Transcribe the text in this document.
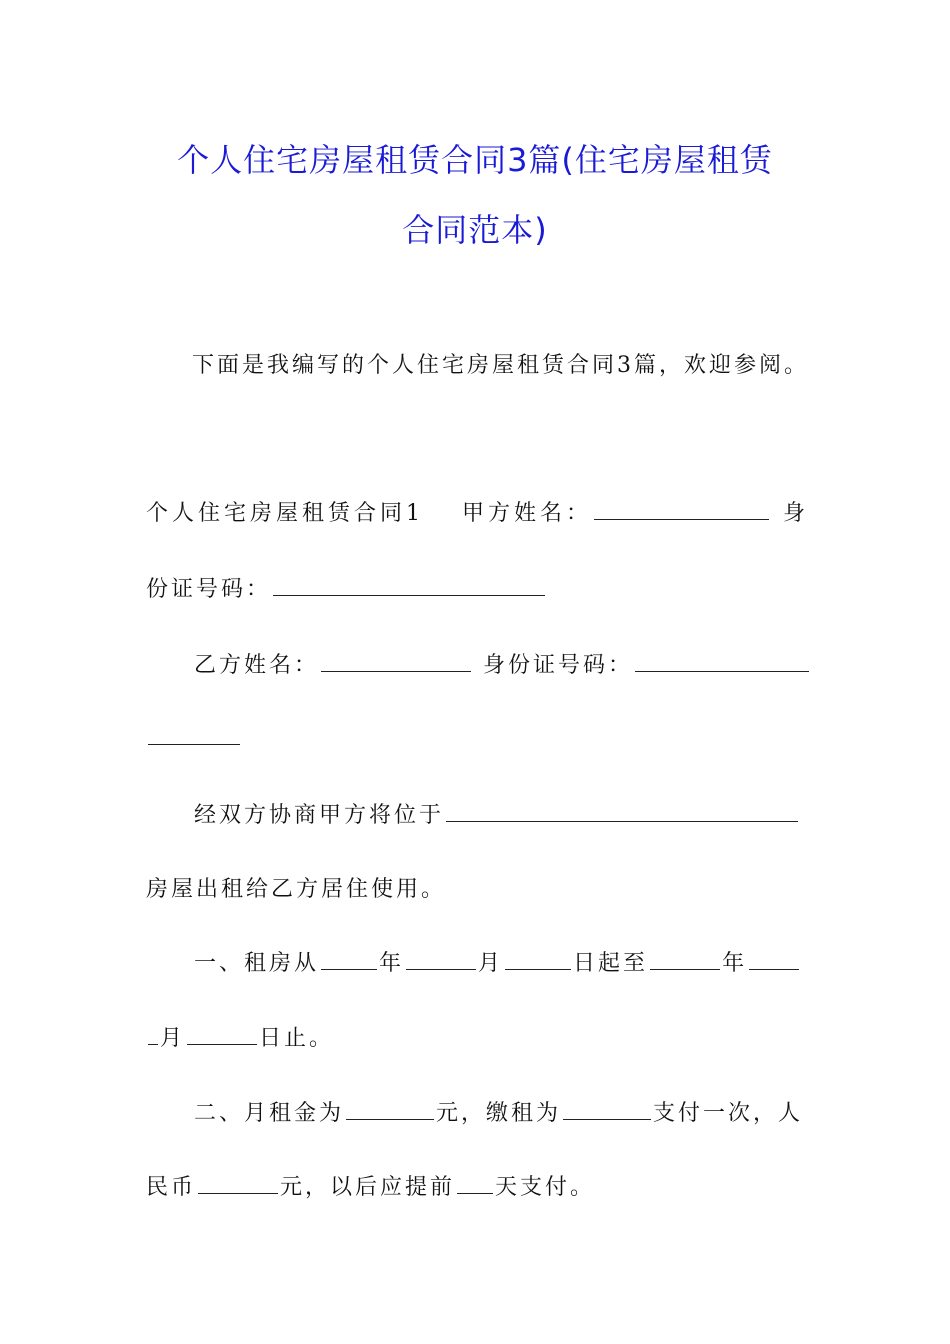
个人住宅房屋租赁合同3篇(住宅房屋租赁
合同范本)
下面是我编写的个人住宅房屋租赁合同3篇，欢迎参阅。
个人住宅房屋租赁合同1 甲方姓名：	身
份证号码：
乙方姓名：	身份证号码：
经双方协商甲方将位于
房屋出租给乙方居住使用。
一、租房从	年	月	日起至	年
月	日止。
二、月租金为	元，缴租为	支付一次，人
民币	元，以后应提前 天支付。
